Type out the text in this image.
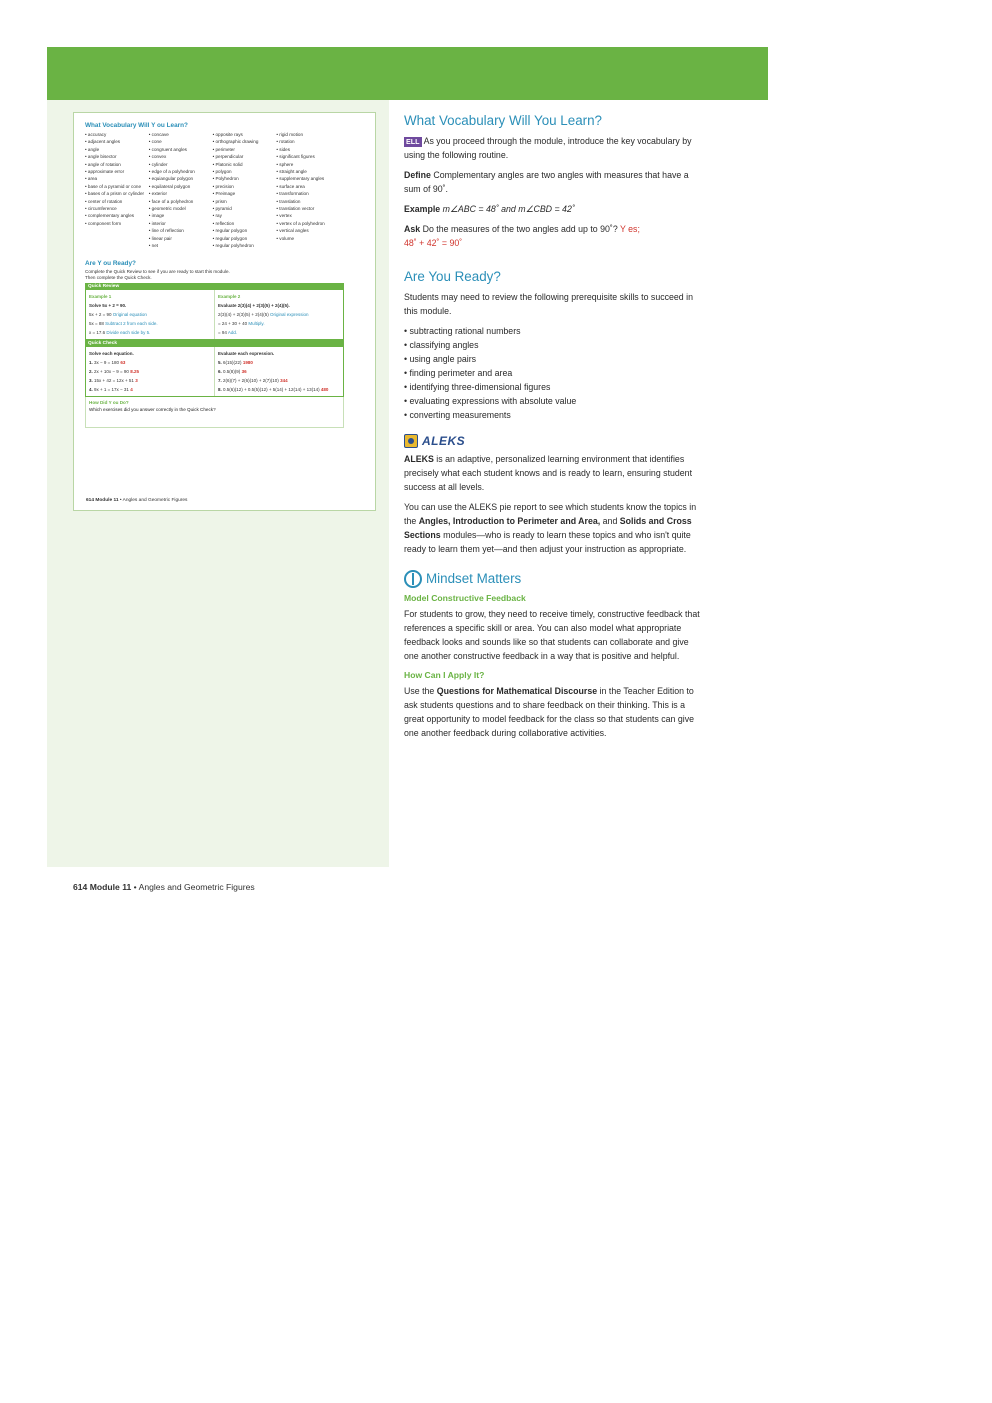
What Vocabulary Will Y ou Learn?
• accuracy
• adjacent angles
• angle
• angle bisector
• angle of rotation
• approximate error
• area
• base of a pyramid or cone
• bases of a prism or cylinder
• center of rotation
• circumference
• complementary angles
• component form
• concave
• cone
• congruent angles
• convex
• cylinder
• edge of a polyhedron
• equiangular polygon
• equilateral polygon
• exterior
• face of a polyhedron
• geometric model
• image
• interior
• line of reflection
• linear pair
• net
• opposite rays
• orthographic drawing
• perimeter
• perpendicular
• Platonic solid
• polygon
• Polyhedron
• precision
• Preimage
• prism
• pyramid
• ray
• reflection
• regular polygon
• regular polygon
• regular polyhedron
• rigid motion
• rotation
• sides
• significant figures
• sphere
• straight angle
• supplementary angles
• surface area
• transformation
• translation
• translation vector
• vertex
• vertex of a polyhedron
• vertical angles
• volume
Are Y ou Ready?
Complete the Quick Review to see if you are ready to start this module.
Then complete the Quick Check.
Quick Review
Example 1
Solve 5x + 2 = 90.
5x + 2 = 90 Original equation
5x = 88 Subtract 2 from each side.
x = 17.6 Divide each side by 5.
Example 2
Evaluate 2(3)(4) + 2(3)(5) + 2(4)(5).
2(3)(4) + 2(3)(5) + 2(4)(5) Original expression
= 24 + 30 + 40 Multiply.
= 94 Add.
Quick Check
Solve each equation.
1. 3x − 9 = 180 63
2. 2x + 10x − 9 = 90 8.25
3. 15x + 42 = 12x + 51 3
4. 9x + 1 = 17x − 31 4
Evaluate each expression.
5. 6(15)(22) 1980
6. 0.5(8)(9) 36
7. 2(6)(7) + 2(6)(10) + 2(7)(10) 344
8. 0.5(6)(12) + 0.5(5)(12) + 5(14) + 12(14) + 13(14) 480
How Did Y ou Do?
Which exercises did you answer correctly in the Quick Check?
614 Module 11 • Angles and Geometric Figures
614 Module 11 • Angles and Geometric Figures
What Vocabulary Will You Learn?

ELL As you proceed through the module, introduce the key vocabulary by using the following routine.

Define Complementary angles are two angles with measures that have a sum of 90˚.

Example m∠ABC = 48˚ and m∠CBD = 42˚

Ask Do the measures of the two angles add up to 90˚? Y es;
48˚ + 42˚ = 90˚

Are You Ready?

Students may need to review the following prerequisite skills to succeed in this module.

• subtracting rational numbers
• classifying angles
• using angle pairs
• finding perimeter and area
• identifying three-dimensional figures
• evaluating expressions with absolute value
• converting measurements
ALEKS

ALEKS is an adaptive, personalized learning environment that identifies precisely what each student knows and is ready to learn, ensuring student success at all levels.

You can use the ALEKS pie report to see which students know the topics in the Angles, Introduction to Perimeter and Area, and Solids and Cross Sections modules—who is ready to learn these topics and who isn't quite ready to learn them yet—and then adjust your instruction as appropriate.

Mindset Matters
Model Constructive Feedback

For students to grow, they need to receive timely, constructive feedback that references a specific skill or area. You can also model what appropriate feedback looks and sounds like so that students can collaborate and give one another constructive feedback in a way that is positive and helpful.

How Can I Apply It?

Use the Questions for Mathematical Discourse in the Teacher Edition to ask students questions and to share feedback on their thinking. This is a great opportunity to model feedback for the class so that students can give one another feedback during collaborative activities.
